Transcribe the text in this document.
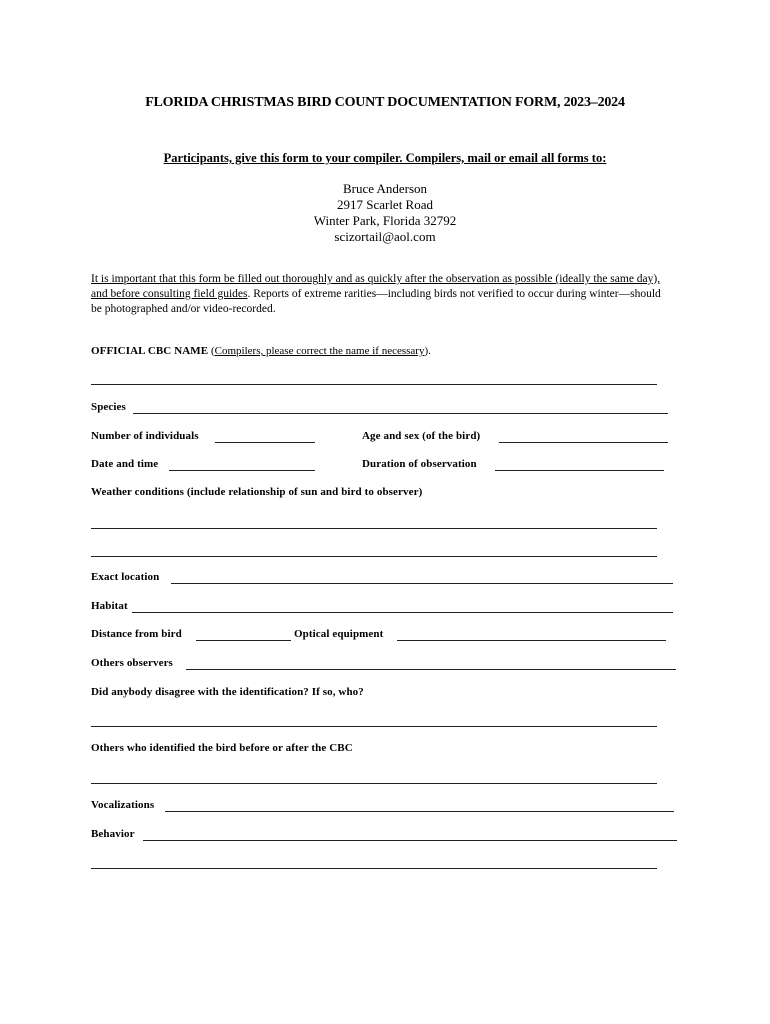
FLORIDA CHRISTMAS BIRD COUNT DOCUMENTATION FORM, 2023–2024
Participants, give this form to your compiler. Compilers, mail or email all forms to:
Bruce Anderson
2917 Scarlet Road
Winter Park, Florida 32792
scizortail@aol.com
It is important that this form be filled out thoroughly and as quickly after the observation as possible (ideally the same day), and before consulting field guides. Reports of extreme rarities—including birds not verified to occur during winter—should be photographed and/or video-recorded.
OFFICIAL CBC NAME (Compilers, please correct the name if necessary).
Species
Number of individuals	Age and sex (of the bird)
Date and time	Duration of observation
Weather conditions (include relationship of sun and bird to observer)
Exact location
Habitat
Distance from bird	Optical equipment
Others observers
Did anybody disagree with the identification? If so, who?
Others who identified the bird before or after the CBC
Vocalizations
Behavior
